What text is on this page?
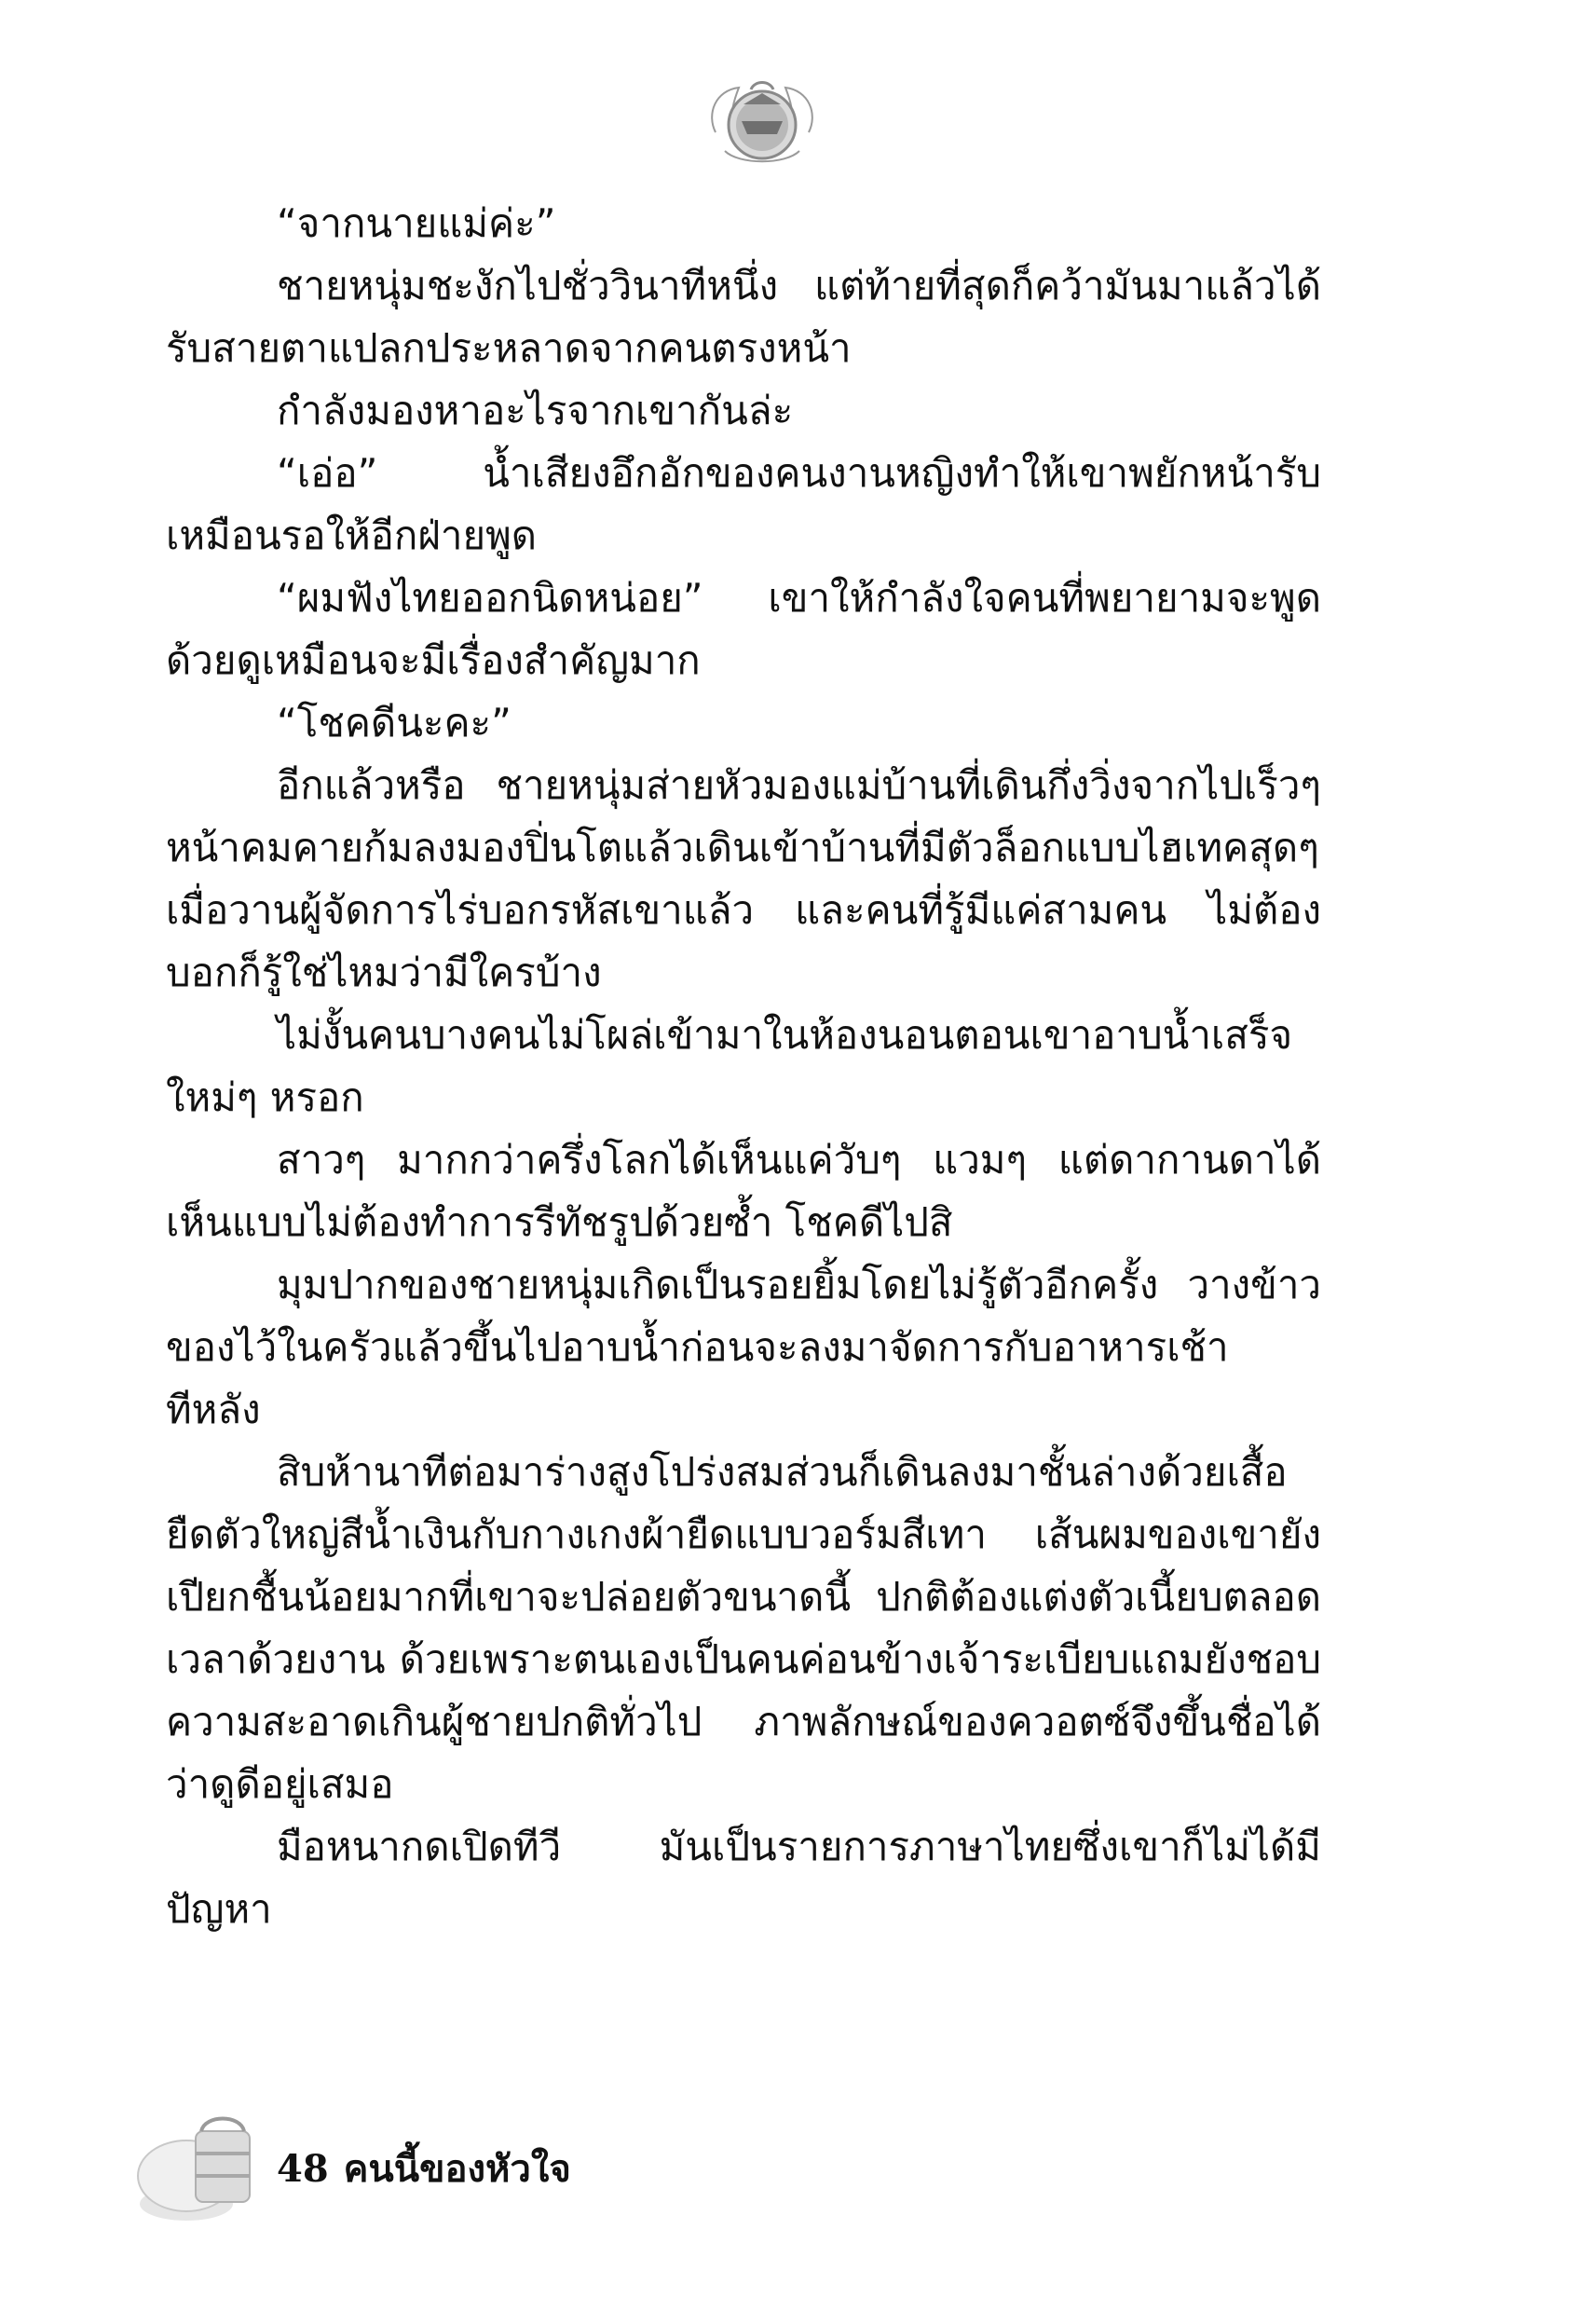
“จากนายแม่ค่ะ”

ชายหนุ่มชะงักไปชั่ววินาทีหนึ่ง แต่ท้ายที่สุดก็คว้ามันมาแล้วได้รับสายตาแปลกประหลาดจากคนตรงหน้า

กำลังมองหาอะไรจากเขากันล่ะ

“เอ่อ” น้ำเสียงอึกอักของคนงานหญิงทำให้เขาพยักหน้ารับเหมือนรอให้อีกฝ่ายพูด

“ผมฟังไทยออกนิดหน่อย” เขาให้กำลังใจคนที่พยายามจะพูดด้วยดูเหมือนจะมีเรื่องสำคัญมาก

“โชคดีนะคะ”

อีกแล้วหรือ ชายหนุ่มส่ายหัวมองแม่บ้านที่เดินกึ่งวิ่งจากไปเร็วๆ หน้าคมคายก้มลงมองปิ่นโตแล้วเดินเข้าบ้านที่มีตัวล็อกแบบไฮเทคสุดๆ เมื่อวานผู้จัดการไร่บอกรหัสเขาแล้ว และคนที่รู้มีแค่สามคน ไม่ต้องบอกก็รู้ใช่ไหมว่ามีใครบ้าง

ไม่งั้นคนบางคนไม่โผล่เข้ามาในห้องนอนตอนเขาอาบน้ำเสร็จใหม่ๆ หรอก

สาวๆ มากกว่าครึ่งโลกได้เห็นแค่วับๆ แวมๆ แต่ดากานดาได้เห็นแบบไม่ต้องทำการรีทัชรูปด้วยซ้ำ โชคดีไปสิ

มุมปากของชายหนุ่มเกิดเป็นรอยยิ้มโดยไม่รู้ตัวอีกครั้ง วางข้าวของไว้ในครัวแล้วขึ้นไปอาบน้ำก่อนจะลงมาจัดการกับอาหารเช้าทีหลัง

สิบห้านาทีต่อมาร่างสูงโปร่งสมส่วนก็เดินลงมาชั้นล่างด้วยเสื้อยืดตัวใหญ่สีน้ำเงินกับกางเกงผ้ายืดแบบวอร์มสีเทา เส้นผมของเขายังเปียกชื้นน้อยมากที่เขาจะปล่อยตัวขนาดนี้ ปกติต้องแต่งตัวเนี้ยบตลอดเวลาด้วยงาน ด้วยเพราะตนเองเป็นคนค่อนข้างเจ้าระเบียบแถมยังชอบความสะอาดเกินผู้ชายปกติทั่วไป ภาพลักษณ์ของควอตซ์จึงขึ้นชื่อได้ว่าดูดีอยู่เสมอ

มือหนากดเปิดทีวี มันเป็นรายการภาษาไทยซึ่งเขาก็ไม่ได้มีปัญหา

48 คนนี้ของหัวใจ
